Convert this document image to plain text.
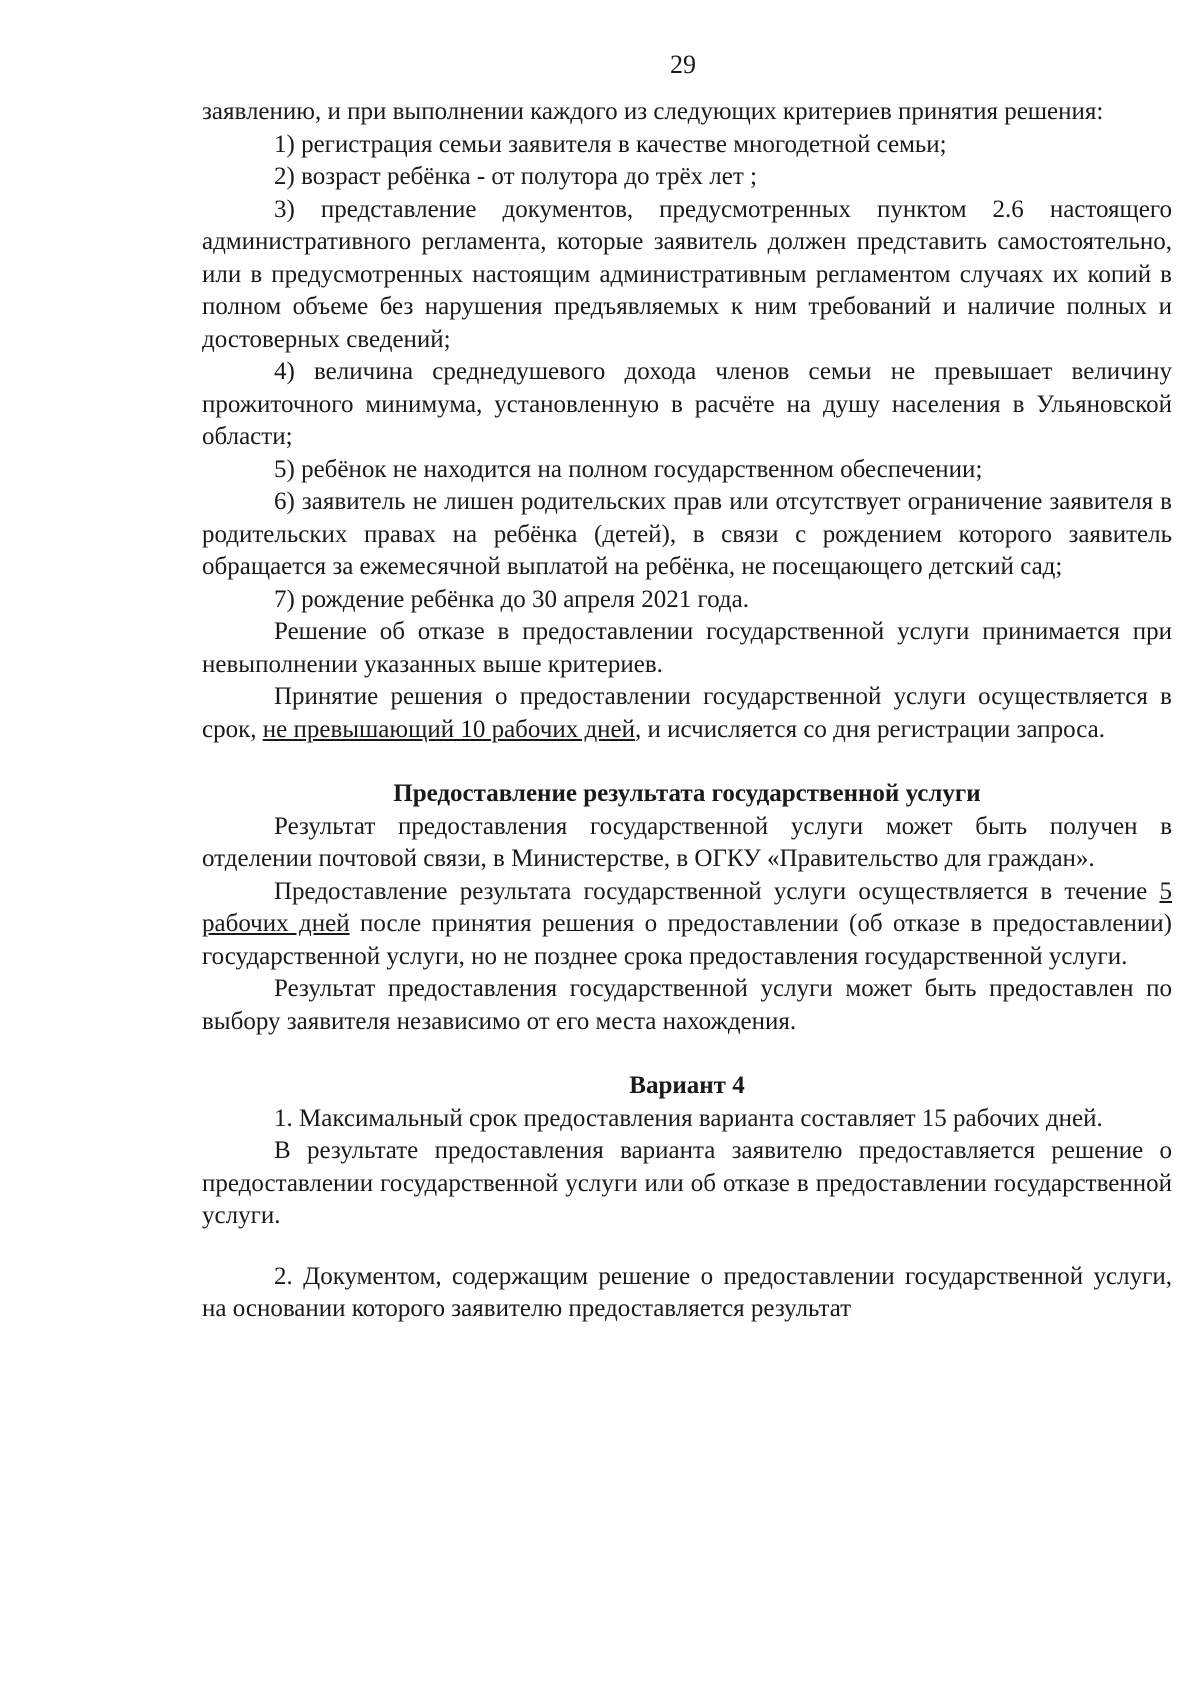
29

заявлению, и при выполнении каждого из следующих критериев принятия решения:

1) регистрация семьи заявителя в качестве многодетной семьи;

2) возраст ребёнка - от полутора до трёх лет ;

3) представление документов, предусмотренных пунктом 2.6 настоящего административного регламента, которые заявитель должен представить самостоятельно, или в предусмотренных настоящим административным регламентом случаях их копий в полном объеме без нарушения предъявляемых к ним требований и наличие полных и достоверных сведений;

4) величина среднедушевого дохода членов семьи не превышает величину прожиточного минимума, установленную в расчёте на душу населения в Ульяновской области;

5) ребёнок не находится на полном государственном обеспечении;

6) заявитель не лишен родительских прав или отсутствует ограничение заявителя в родительских правах на ребёнка (детей), в связи с рождением которого заявитель обращается за ежемесячной выплатой на ребёнка, не посещающего детский сад;

7) рождение ребёнка до 30 апреля 2021 года.

Решение об отказе в предоставлении государственной услуги принимается при невыполнении указанных выше критериев.

Принятие решения о предоставлении государственной услуги осуществляется в срок, не превышающий 10 рабочих дней, и исчисляется со дня регистрации запроса.

Предоставление результата государственной услуги

Результат предоставления государственной услуги может быть получен в отделении почтовой связи, в Министерстве, в ОГКУ «Правительство для граждан».

Предоставление результата государственной услуги осуществляется в течение 5 рабочих дней после принятия решения о предоставлении (об отказе в предоставлении) государственной услуги, но не позднее срока предоставления государственной услуги.

Результат предоставления государственной услуги может быть предоставлен по выбору заявителя независимо от его места нахождения.

Вариант 4

1. Максимальный срок предоставления варианта составляет 15 рабочих дней.

В результате предоставления варианта заявителю предоставляется решение о предоставлении государственной услуги или об отказе в предоставлении государственной услуги.

2. Документом, содержащим решение о предоставлении государственной услуги, на основании которого заявителю предоставляется результат
